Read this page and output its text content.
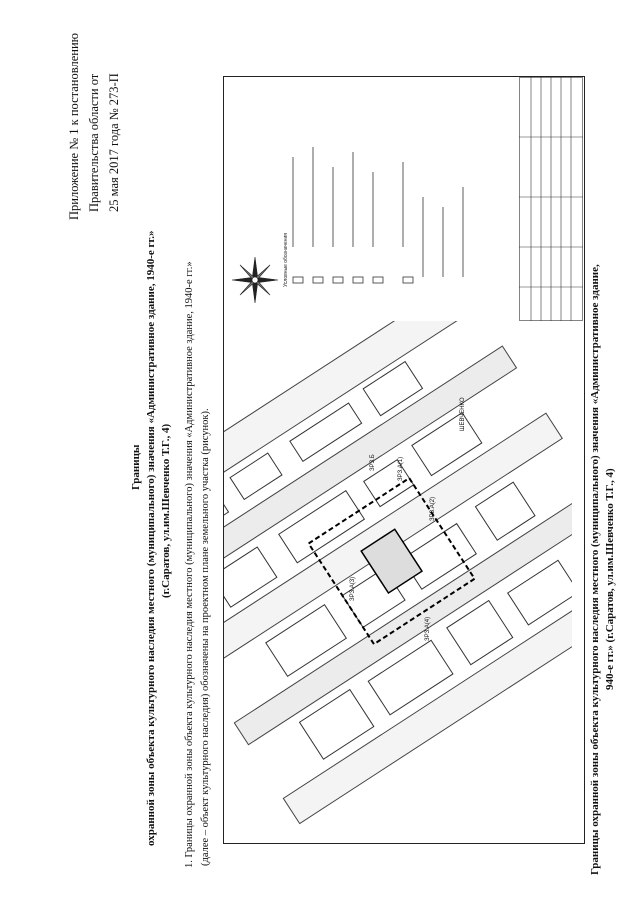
Приложение № 1 к постановлению Правительства области от 25 мая 2017 года № 273-П
Границы охранной зоны объекта культурного наследия местного (муниципального) значения «Административное здание, 1940-е гг.» (г.Саратов, ул.им.Шевченко Т.Г., 4) 1. Границы охранной зоны объекта культурного наследия местного (муниципального) значения «Административное здание, 1940-е гг.» (далее – объект культурного наследия) обозначены на проектном плане земельного участка (рисунок).	ЗРЗ.Б	ЗРЗ.А(1)
ЗРЗ.А(2)
ЗРЗ.А(3)
ЗРЗ.А(4)
ШЕВЧЕНКО
Условные обозначения
Границы охранной зоны объекта культурного наследия местного (муниципального) значения «Административное здание, 940-е гг.» (г.Саратов, ул.им.Шевченко Т.Г., 4)
